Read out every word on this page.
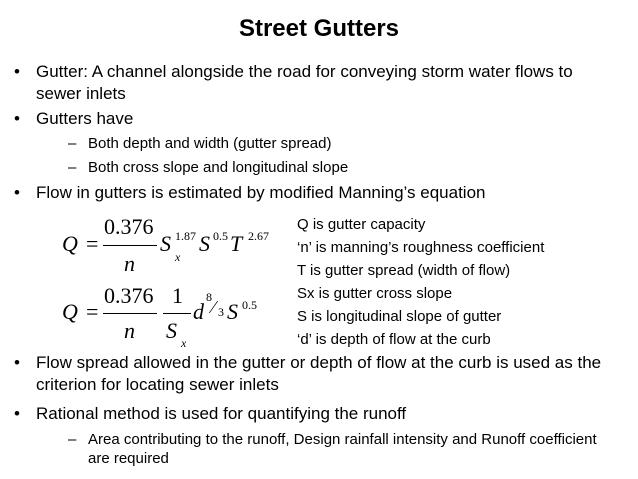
Street Gutters
• Gutter: A channel alongside the road for conveying storm water flows to sewer inlets
• Gutters have
– Both depth and width (gutter spread)
– Both cross slope and longitudinal slope
• Flow in gutters is estimated by modified Manning’s equation
Q =
0.376
n
S 1.87
x
S 0.5 T 2.67
Q =
0.376
n
1
S x
d
8 ⁄ 3 S 0.5
Q is gutter capacity
‘n’ is manning’s roughness coefficient
T is gutter spread (width of flow)
Sx is gutter cross slope
S is longitudinal slope of gutter
‘d’ is depth of flow at the curb
• Flow spread allowed in the gutter or depth of flow at the curb is used as the criterion for locating sewer inlets
• Rational method is used for quantifying the runoff
– Area contributing to the runoff, Design rainfall intensity and Runoff coefficient are required
